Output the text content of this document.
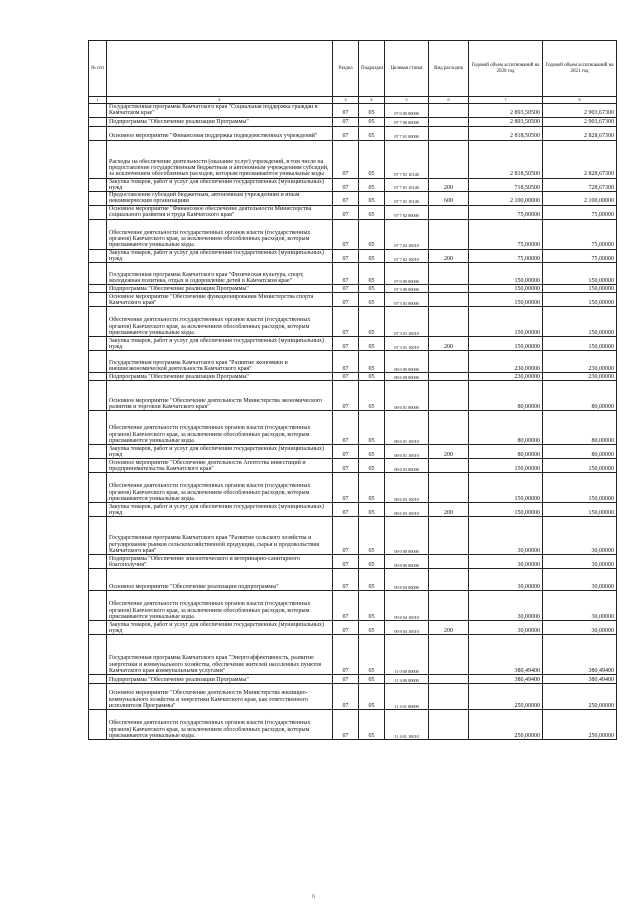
№ п/п		Раздел	Подраздел	Целевая статья	Вид расходов	Годовой объем ассигнований на 2020 год	Годовой объем ассигнований на 2021 год
1	2	3	4	5	6	7	8
	Государственная программа Камчатского края "Социальная поддержка граждан в Камчатском крае"	07	05	07 0 00 00000		2 893,50500	2 903,67300
	Подпрограмма "Обеспечение реализации Программы"	07	05	07 7 00 00000		2 893,50500	2 903,67300
	Основное мероприятие "Финансовая поддержка подведомственных учреждений"	07	05	07 7 01 00000		2 818,50500	2 828,67300
	Расходы на обеспечение деятельности (оказание услуг) учреждений, в том числе на предоставление государственным бюджетным и автономным учреждениям субсидий, за исключением обособленных расходов, которым присваиваются уникальные коды	07	05	07 7 01 10140		2 818,50500	2 828,67300
	Закупка товаров, работ и услуг для обеспечения государственных (муниципальных) нужд	07	05	07 7 01 10140	200	718,50500	728,67300
	Предоставление субсидий бюджетным, автономным учреждениям и иным некоммерческим организациям	07	05	07 7 01 10140	600	2 100,00000	2 100,00000
	Основное мероприятие "Финансовое обеспечение деятельности Министерства социального развития и труда Камчатского края"	07	05	07 7 02 00000		75,00000	75,00000
	Обеспечение деятельности государственных органов власти (государственных органов) Камчатского края, за исключением обособленных расходов, которым присваиваются уникальные коды.	07	05	07 7 02 10010		75,00000	75,00000
	Закупка товаров, работ и услуг для обеспечения государственных (муниципальных) нужд	07	05	07 7 02 10010	200	75,00000	75,00000
	Государственная программа Камчатского края "Физическая культура, спорт, молодежная политика, отдых и оздоровление детей в Камчатском крае"	07	05	07 0 00 00000		150,00000	150,00000
	Подпрограмма "Обеспечение реализации Программы"	07	05	07 3 00 00000		150,00000	150,00000
	Основное мероприятие "Обеспечение функционирования Министерства спорта Камчатского края"	07	05	07 3 01 00000		150,00000	150,00000
	Обеспечение деятельности государственных органов власти (государственных органов) Камчатского края, за исключением обособленных расходов, которым присваиваются уникальные коды.	07	05	07 3 01 10010		150,00000	150,00000
	Закупка товаров, работ и услуг для обеспечения государственных (муниципальных) нужд	07	05	07 3 01 10010	200	150,00000	150,00000
	Государственная программа Камчатского края "Развитие экономики и внешнеэкономической деятельности Камчатского края"	07	05	08 0 00 00000		230,00000	230,00000
	Подпрограмма "Обеспечение реализации Программы"	07	05	08 6 00 00000		230,00000	230,00000
	Основное мероприятие "Обеспечение деятельности Министерства экономического развития и торговли Камчатского края"	07	05	08 6 01 00000		80,00000	80,00000
	Обеспечение деятельности государственных органов власти (государственных органов) Камчатского края, за исключением обособленных расходов, которым присваиваются уникальные коды.	07	05	08 6 01 10010		80,00000	80,00000
	Закупка товаров, работ и услуг для обеспечения государственных (муниципальных) нужд	07	05	08 6 01 10010	200	80,00000	80,00000
	Основное мероприятие "Обеспечение деятельности Агентства инвестиций и предпринимательства Камчатского края"	07	05	08 6 03 00000		150,00000	150,00000
	Обеспечение деятельности государственных органов власти (государственных органов) Камчатского края, за исключением обособленных расходов, которым присваиваются уникальные коды.	07	05	08 6 03 10010		150,00000	150,00000
	Закупка товаров, работ и услуг для обеспечения государственных (муниципальных) нужд	07	05	08 6 03 10010	200	150,00000	150,00000
	Государственная программа Камчатского края "Развитие сельского хозяйства и регулирование рынков сельскохозяйственной продукции, сырья и продовольствия Камчатского края"	07	05	09 0 00 00000		30,00000	30,00000
	Подпрограмма "Обеспечение эпизоотического и ветеринарно-санитарного благополучия"	07	05	09 8 00 00000		30,00000	30,00000
	Основное мероприятие "Обеспечение реализации подпрограммы"	07	05	09 8 04 00000		30,00000	30,00000
	Обеспечение деятельности государственных органов власти (государственных органов) Камчатского края, за исключением обособленных расходов, которым присваиваются уникальные коды.	07	05	09 8 04 10010		30,00000	30,00000
	Закупка товаров, работ и услуг для обеспечения государственных (муниципальных) нужд	07	05	09 8 04 10010	200	30,00000	30,00000
	Государственная программа Камчатского края "Энергоэффективность, развитие энергетики и коммунального хозяйства, обеспечение жителей населенных пунктов Камчатского края коммунальными услугами"	07	05	11 0 00 00000		380,49400	380,49400
	Подпрограмма "Обеспечение реализации Программы"	07	05	11 4 00 00000		380,49400	380,49400
	Основное мероприятие "Обеспечение деятельности Министерства жилищно-коммунального хозяйства и энергетики Камчатского края, как ответственного исполнителя Программы"	07	05	11 4 01 00000		250,00000	250,00000
	Обеспечение деятельности государственных органов власти (государственных органов) Камчатского края, за исключением обособленных расходов, которым присваиваются уникальные коды.	07	05	11 4 01 10010		250,00000	250,00000
6
